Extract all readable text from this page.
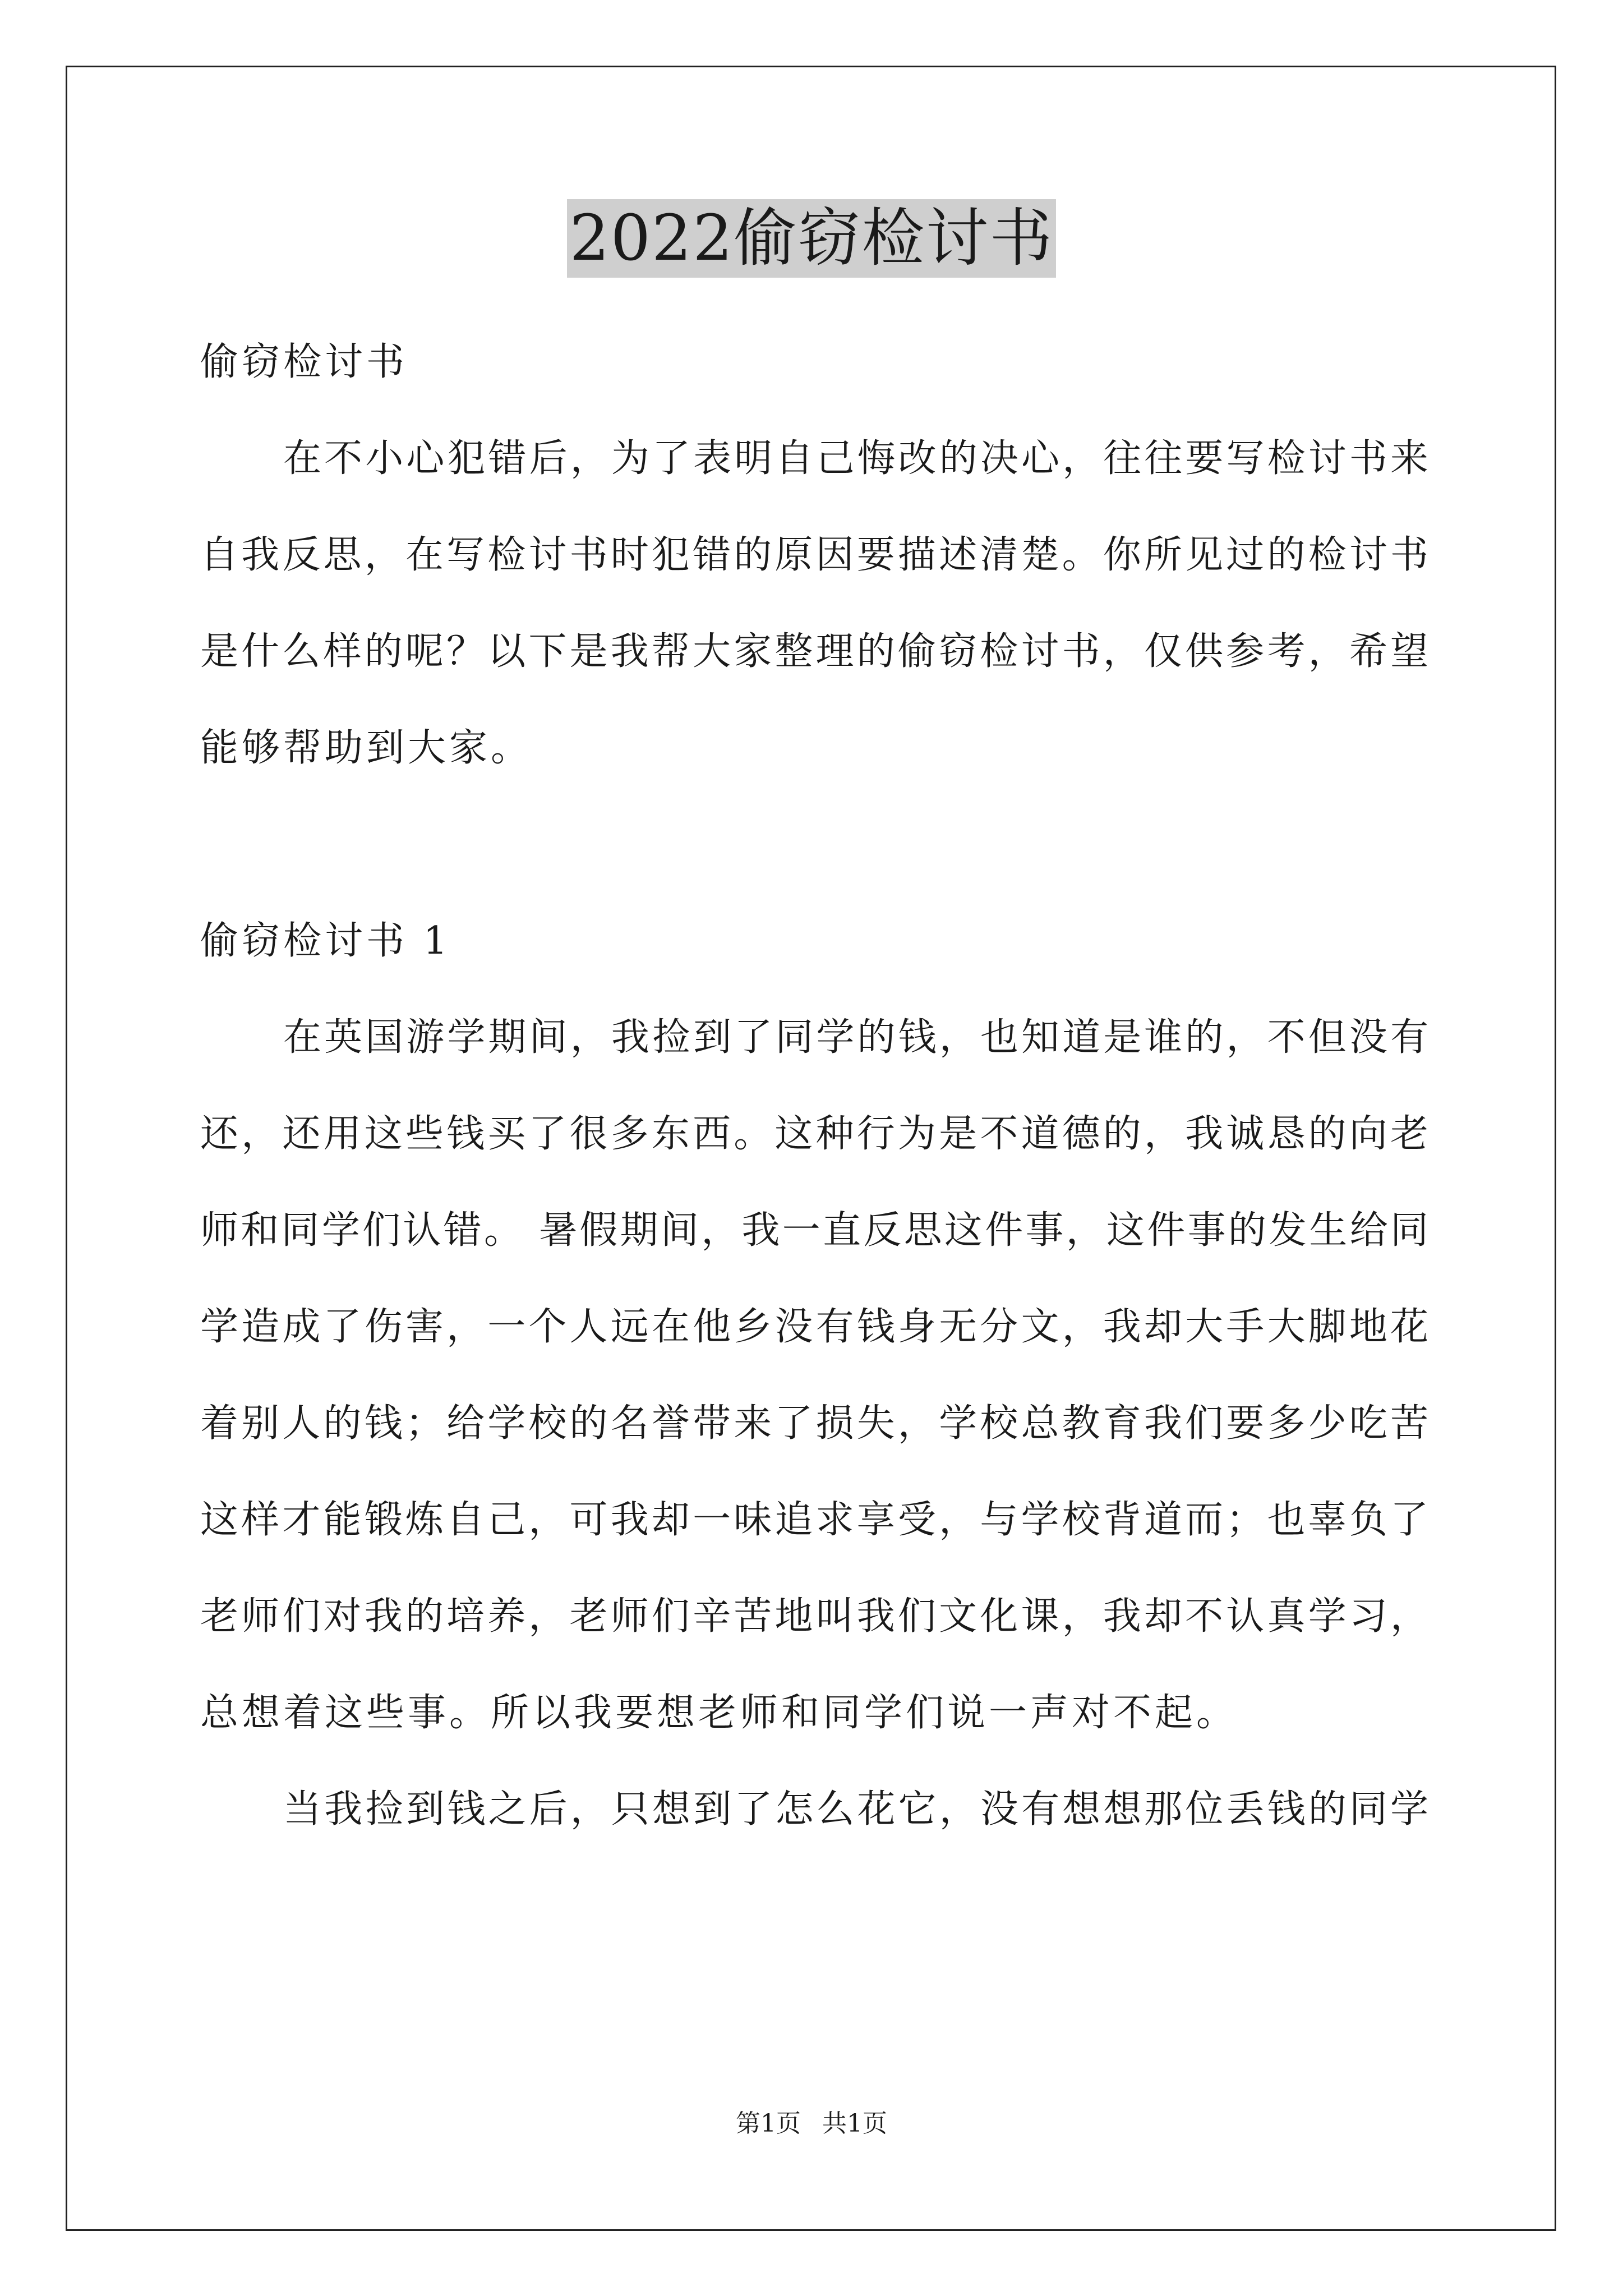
2022偷窃检讨书
偷窃检讨书
在不小心犯错后，为了表明自己悔改的决心，往往要写检讨书来
自我反思，在写检讨书时犯错的原因要描述清楚。你所见过的检讨书
是什么样的呢？以下是我帮大家整理的偷窃检讨书，仅供参考，希望
能够帮助到大家。
偷窃检讨书 1
在英国游学期间，我捡到了同学的钱，也知道是谁的，不但没有
还，还用这些钱买了很多东西。这种行为是不道德的，我诚恳的向老
师和同学们认错。 暑假期间，我一直反思这件事，这件事的发生给同
学造成了伤害，一个人远在他乡没有钱身无分文，我却大手大脚地花
着别人的钱；给学校的名誉带来了损失，学校总教育我们要多少吃苦
这样才能锻炼自己，可我却一味追求享受，与学校背道而；也辜负了
老师们对我的培养，老师们辛苦地叫我们文化课，我却不认真学习，
总想着这些事。所以我要想老师和同学们说一声对不起。
当我捡到钱之后，只想到了怎么花它，没有想想那位丢钱的同学
第1页 共1页
